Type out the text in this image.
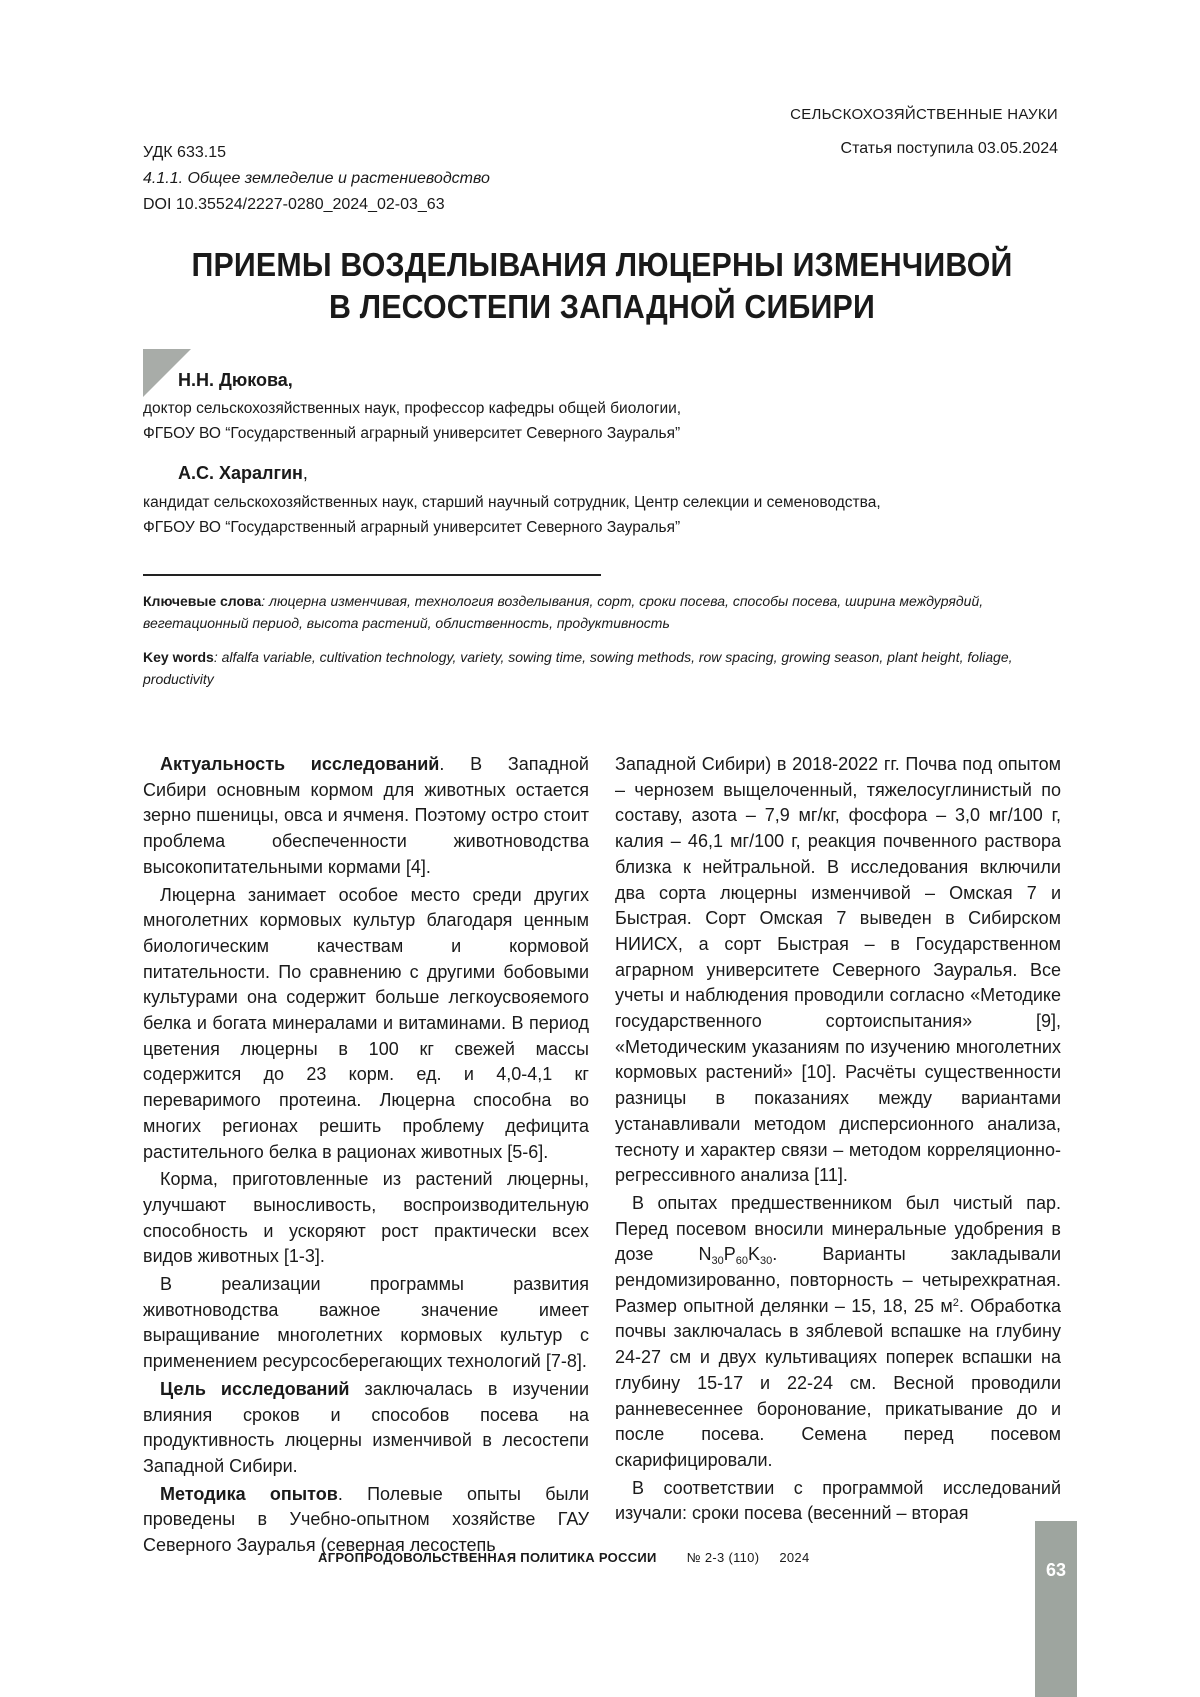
СЕЛЬСКОХОЗЯЙСТВЕННЫЕ НАУКИ
УДК 633.15
4.1.1. Общее земледелие и растениеводство
DOI 10.35524/2227-0280_2024_02-03_63
Статья поступила 03.05.2024
ПРИЕМЫ ВОЗДЕЛЫВАНИЯ ЛЮЦЕРНЫ ИЗМЕНЧИВОЙ
В ЛЕСОСТЕПИ ЗАПАДНОЙ СИБИРИ
Н.Н. Дюкова,
доктор сельскохозяйственных наук, профессор кафедры общей биологии,
ФГБОУ ВО “Государственный аграрный университет Северного Зауралья”
А.С. Харалгин,
кандидат сельскохозяйственных наук, старший научный сотрудник, Центр селекции и семеноводства,
ФГБОУ ВО “Государственный аграрный университет Северного Зауралья”
Ключевые слова: люцерна изменчивая, технология возделывания, сорт, сроки посева, способы посева, ширина междурядий, вегетационный период, высота растений, облиственность, продуктивность
Key words: alfalfa variable, cultivation technology, variety, sowing time, sowing methods, row spacing, growing season, plant height, foliage, productivity

Актуальность исследований. В Западной Сибири основным кормом для животных остается зерно пшеницы, овса и ячменя. Поэтому остро стоит проблема обеспеченности животноводства высокопитательными кормами [4].

Люцерна занимает особое место среди других многолетних кормовых культур благодаря ценным биологическим качествам и кормовой питательности. По сравнению с другими бобовыми культурами она содержит больше легкоусвояемого белка и богата минералами и витаминами. В период цветения люцерны в 100 кг свежей массы содержится до 23 корм. ед. и 4,0-4,1 кг переваримого протеина. Люцерна способна во многих регионах решить проблему дефицита растительного белка в рационах животных [5-6].

Корма, приготовленные из растений люцерны, улучшают выносливость, воспроизводительную способность и ускоряют рост практически всех видов животных [1-3].

В реализации программы развития животноводства важное значение имеет выращивание многолетних кормовых культур с применением ресурсосберегающих технологий [7-8].

Цель исследований заключалась в изучении влияния сроков и способов посева на продуктивность люцерны изменчивой в лесостепи Западной Сибири.

Методика опытов. Полевые опыты были проведены в Учебно-опытном хозяйстве ГАУ Северного Зауралья (северная лесостепь

Западной Сибири) в 2018-2022 гг. Почва под опытом – чернозем выщелоченный, тяжелосуглинистый по составу, азота – 7,9 мг/кг, фосфора – 3,0 мг/100 г, калия – 46,1 мг/100 г, реакция почвенного раствора близка к нейтральной. В исследования включили два сорта люцерны изменчивой – Омская 7 и Быстрая. Сорт Омская 7 выведен в Сибирском НИИСХ, а сорт Быстрая – в Государственном аграрном университете Северного Зауралья. Все учеты и наблюдения проводили согласно «Методике государственного сортоиспытания» [9], «Методическим указаниям по изучению многолетних кормовых растений» [10]. Расчёты существенности разницы в показаниях между вариантами устанавливали методом дисперсионного анализа, тесноту и характер связи – методом корреляционно-регрессивного анализа [11].

В опытах предшественником был чистый пар. Перед посевом вносили минеральные удобрения в дозе $N_{30}P_{60}K_{30}$. Варианты закладывали рендомизированно, повторность – четырехкратная. Размер опытной делянки – 15, 18, 25 $м^2$. Обработка почвы заключалась в зяблевой вспашке на глубину 24-27 см и двух культивациях поперек вспашки на глубину 15-17 и 22-24 см. Весной проводили ранневесеннее боронование, прикатывание до и после посева. Семена перед посевом скарифицировали.

В соответствии с программой исследований изучали: сроки посева (весенний – вторая

АГРОПРОДОВОЛЬСТВЕННАЯ ПОЛИТИКА РОССИИ № 2-3 (110) 2024
63
